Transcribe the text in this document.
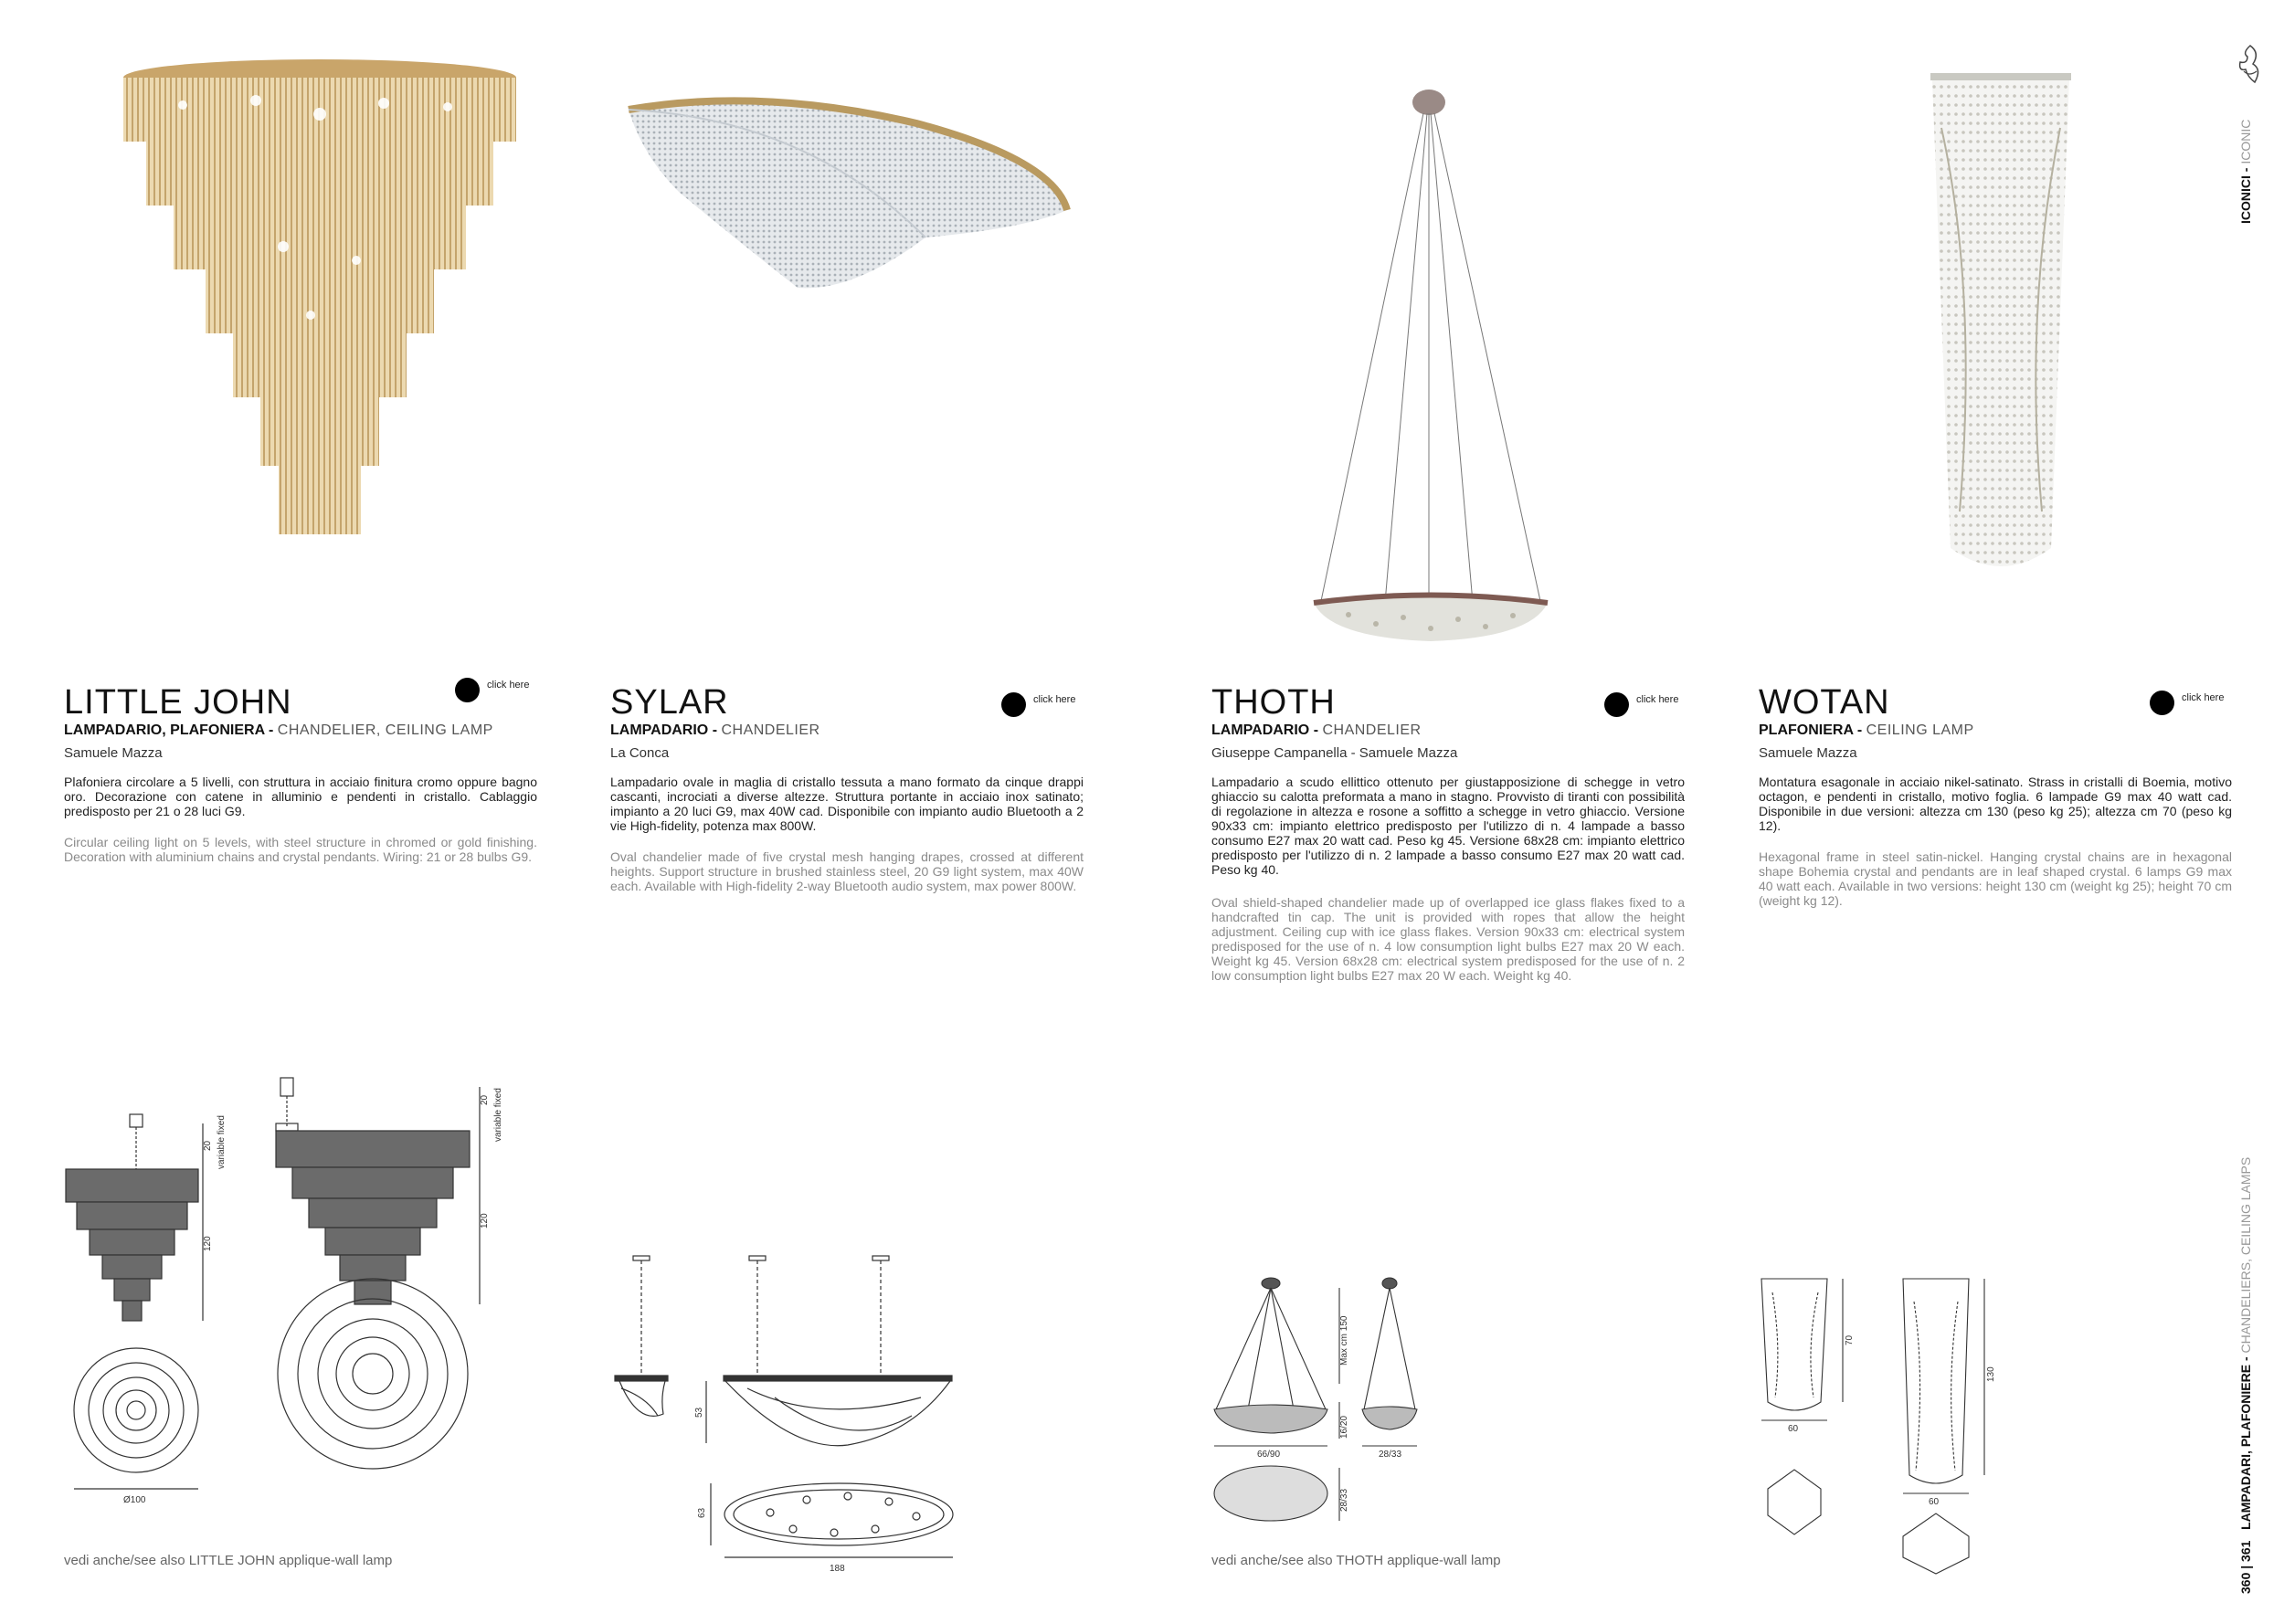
LITTLE JOHN	click here
LAMPADARIO, PLAFONIERA - CHANDELIER, CEILING LAMP
Samuele Mazza
Plafoniera circolare a 5 livelli, con struttura in acciaio finitura cromo oppure bagno oro. Decorazione con catene in alluminio e pendenti in cristallo. Cablaggio predisposto per 21 o 28 luci G9.
Circular ceiling light on 5 levels, with steel structure in chromed or gold finishing. Decoration with aluminium chains and crystal pendants. Wiring: 21 or 28 bulbs G9.
20 variable fixed
120
20 variable fixed
120
Ø100
vedi anche/see also LITTLE JOHN applique-wall lamp
SYLAR	click here
LAMPADARIO - CHANDELIER
La Conca
Lampadario ovale in maglia di cristallo tessuta a mano formato da cinque drappi cascanti, incrociati a diverse altezze. Struttura portante in acciaio inox satinato; impianto a 20 luci G9, max 40W cad. Disponibile con impianto audio Bluetooth a 2 vie High-fidelity, potenza max 800W.
Oval chandelier made of five crystal mesh hanging drapes, crossed at different heights. Support structure in brushed stainless steel, 20 G9 light system, max 40W each. Available with High-fidelity 2-way Bluetooth audio system, max power 800W.
53
63
188
THOTH	click here
LAMPADARIO - CHANDELIER
Giuseppe Campanella - Samuele Mazza
Lampadario a scudo ellittico ottenuto per giustapposizione di schegge in vetro ghiaccio su calotta preformata a mano in stagno. Provvisto di tiranti con possibilità di regolazione in altezza e rosone a soffitto a schegge in vetro ghiaccio. Versione 90x33 cm: impianto elettrico predisposto per l'utilizzo di n. 4 lampade a basso consumo E27 max 20 watt cad. Peso kg 45. Versione 68x28 cm: impianto elettrico predisposto per l'utilizzo di n. 2 lampade a basso consumo E27 max 20 watt cad. Peso kg 40.
Oval shield-shaped chandelier made up of overlapped ice glass flakes fixed to a handcrafted tin cap. The unit is provided with ropes that allow the height adjustment. Ceiling cup with ice glass flakes. Version 90x33 cm: electrical system predisposed for the use of n. 4 low consumption light bulbs E27 max 20 W each. Weight kg 45. Version 68x28 cm: electrical system predisposed for the use of n. 2 low consumption light bulbs E27 max 20 W each. Weight kg 40.
Max cm 150
16/20
66/90	28/33
28/33
vedi anche/see also THOTH applique-wall lamp
WOTAN	click here
PLAFONIERA - CEILING LAMP
Samuele Mazza
Montatura esagonale in acciaio nikel-satinato. Strass in cristalli di Boemia, motivo octagon, e pendenti in cristallo, motivo foglia. 6 lampade G9 max 40 watt cad. Disponibile in due versioni: altezza cm 130 (peso kg 25); altezza cm 70 (peso kg 12).
Hexagonal frame in steel satin-nickel. Hanging crystal chains are in hexagonal shape Bohemia crystal and pendants are in leaf shaped crystal. 6 lamps G9 max 40 watt each. Available in two versions: height 130 cm (weight kg 25); height 70 cm (weight kg 12).
70
60
130
60
ICONICI - ICONIC
360 | 361   LAMPADARI, PLAFONIERE - CHANDELIERS, CEILING LAMPS
